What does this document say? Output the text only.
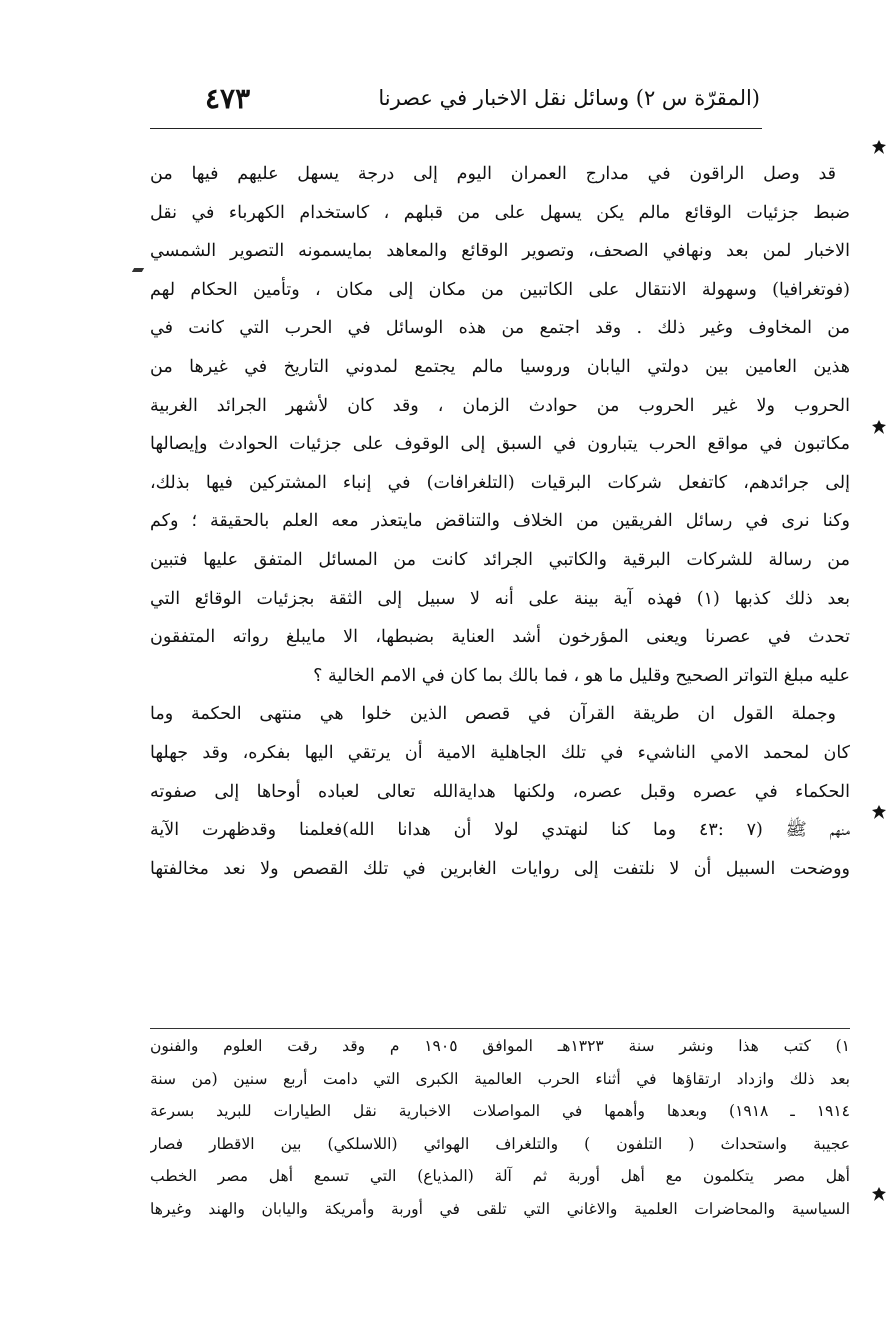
(المقرّة س ٢) وسائل نقل الاخبار في عصرنا
٤٧٣
قد وصل الراقون في مدارج العمران اليوم إلى درجة يسهل عليهم فيها من
ضبط جزئيات الوقائع مالم يكن يسهل على من قبلهم ، كاستخدام الكهرباء في نقل
الاخبار لمن بعد ونهافي الصحف، وتصوير الوقائع والمعاهد بمايسمونه التصوير الشمسي
(فوتغرافيا) وسهولة الانتقال على الكاتبين من مكان إلى مكان ، وتأمين الحكام لهم
من المخاوف وغير ذلك . وقد اجتمع من هذه الوسائل في الحرب التي كانت في
هذين العامين بين دولتي اليابان وروسيا مالم يجتمع لمدوني التاريخ في غيرها من
الحروب ولا غير الحروب من حوادث الزمان ، وقد كان لأشهر الجرائد الغربية
مكاتبون في مواقع الحرب يتبارون في السبق إلى الوقوف على جزئيات الحوادث وإيصالها
إلى جرائدهم، كاتفعل شركات البرقيات (التلغرافات) في إنباء المشتركين فيها بذلك،
وكنا نرى في رسائل الفريقين من الخلاف والتناقض مايتعذر معه العلم بالحقيقة ؛ وكم
من رسالة للشركات البرقية والكاتبي الجرائد كانت من المسائل المتفق عليها فتبين
بعد ذلك كذبها (١) فهذه آية بينة على أنه لا سبيل إلى الثقة بجزئيات الوقائع التي
تحدث في عصرنا ويعنى المؤرخون أشد العناية بضبطها، الا مايبلغ رواته المتفقون
عليه مبلغ التواتر الصحيح وقليل ما هو ، فما بالك بما كان في الامم الخالية ؟
وجملة القول ان طريقة القرآن في قصص الذين خلوا هي منتهى الحكمة وما
كان لمحمد الامي الناشيء في تلك الجاهلية الامية أن يرتقي اليها بفكره، وقد جهلها
الحكماء في عصره وقبل عصره، ولكنها هدايةالله تعالى لعباده أوحاها إلى صفوته
منهم ﷺ (٧ :٤٣ وما كنا لنهتدي لولا أن هدانا الله)فعلمنا وقدظهرت الآية
ووضحت السبيل أن لا نلتفت إلى روايات الغابرين في تلك القصص ولا نعد مخالفتها
١) كتب هذا ونشر سنة ١٣٢٣هـ الموافق ١٩٠٥ م وقد رقت العلوم والفنون
بعد ذلك وازداد ارتقاؤها في أثناء الحرب العالمية الكبرى التي دامت أربع سنين (من سنة
١٩١٤ ـ ١٩١٨) وبعدها وأهمها في المواصلات الاخبارية نقل الطيارات للبريد بسرعة
عجيبة واستحداث ( التلفون ) والتلغراف الهوائي (اللاسلكي) بين الاقطار فصار
أهل مصر يتكلمون مع أهل أوربة ثم آلة (المذياع) التي تسمع أهل مصر الخطب
السياسية والمحاضرات العلمية والاغاني التي تلقى في أوربة وأمريكة واليابان والهند وغيرها
